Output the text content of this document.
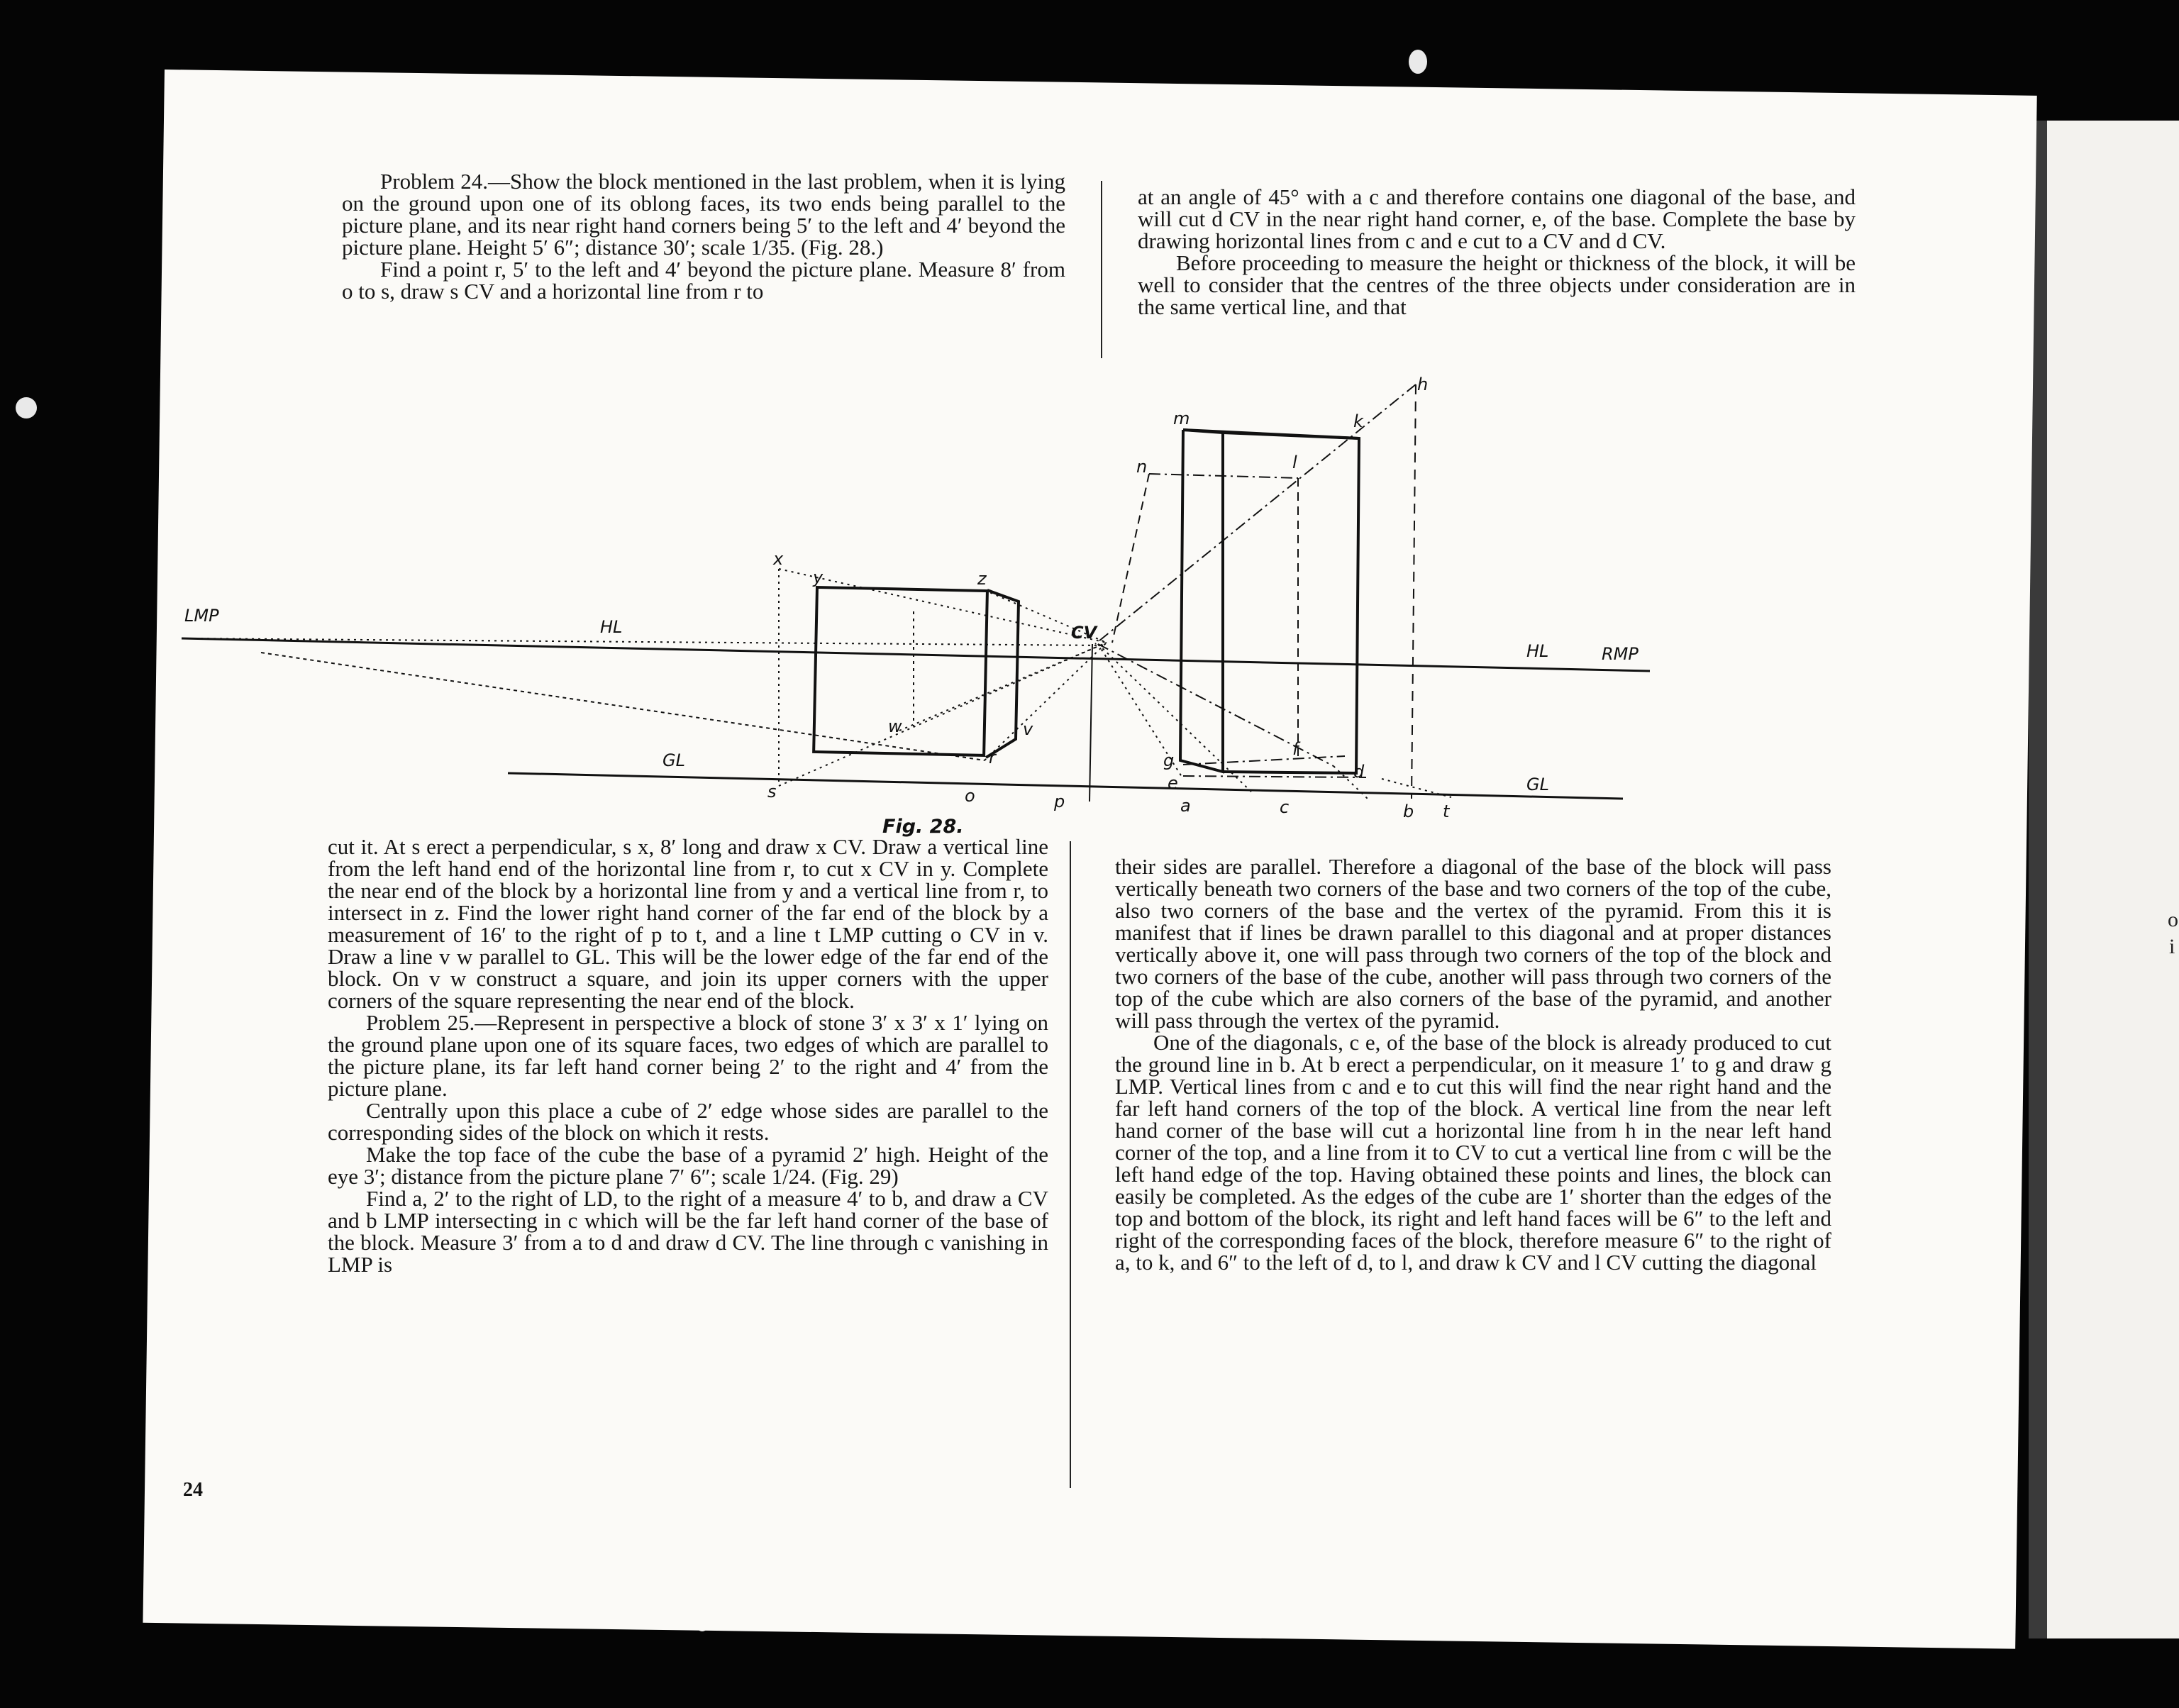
o
i

Problem 24.—Show the block mentioned in the last problem, when it is lying on the ground upon one of its oblong faces, its two ends being parallel to the picture plane, and its near right hand corners being 5′ to the left and 4′ beyond the picture plane. Height 5′ 6″; distance 30′; scale 1/35. (Fig. 28.)

Find a point r, 5′ to the left and 4′ beyond the picture plane. Measure 8′ from o to s, draw s CV and a horizontal line from r to

at an angle of 45° with a c and therefore contains one diagonal of the base, and will cut d CV in the near right hand corner, e, of the base. Complete the base by drawing horizontal lines from c and e cut to a CV and d CV.

Before proceeding to measure the height or thickness of the block, it will be well to consider that the centres of the three objects under consideration are in the same vertical line, and that

LMP
RMP
HL
HL
GL
GL
CV
x
y	z
w	v
r
s	o	p	a	c	b t
m	k
n	l
h
g
e
d
f
Fig. 28.

cut it. At s erect a perpendicular, s x, 8′ long and draw x CV. Draw a vertical line from the left hand end of the horizontal line from r, to cut x CV in y. Complete the near end of the block by a horizontal line from y and a vertical line from r, to intersect in z. Find the lower right hand corner of the far end of the block by a measurement of 16′ to the right of p to t, and a line t LMP cutting o CV in v. Draw a line v w parallel to GL. This will be the lower edge of the far end of the block. On v w construct a square, and join its upper corners with the upper corners of the square representing the near end of the block.

Problem 25.—Represent in perspective a block of stone 3′ x 3′ x 1′ lying on the ground plane upon one of its square faces, two edges of which are parallel to the picture plane, its far left hand corner being 2′ to the right and 4′ from the picture plane.

Centrally upon this place a cube of 2′ edge whose sides are parallel to the corresponding sides of the block on which it rests.

Make the top face of the cube the base of a pyramid 2′ high. Height of the eye 3′; distance from the picture plane 7′ 6″; scale 1/24. (Fig. 29)

Find a, 2′ to the right of LD, to the right of a measure 4′ to b, and draw a CV and b LMP intersecting in c which will be the far left hand corner of the base of the block. Measure 3′ from a to d and draw d CV. The line through c vanishing in LMP is

their sides are parallel. Therefore a diagonal of the base of the block will pass vertically beneath two corners of the base and two corners of the top of the cube, also two corners of the base and the vertex of the pyramid. From this it is manifest that if lines be drawn parallel to this diagonal and at proper distances vertically above it, one will pass through two corners of the top of the block and two corners of the base of the cube, another will pass through two corners of the top of the cube which are also corners of the base of the pyramid, and another will pass through the vertex of the pyramid.

One of the diagonals, c e, of the base of the block is already produced to cut the ground line in b. At b erect a perpendicular, on it measure 1′ to g and draw g LMP. Vertical lines from c and e to cut this will find the near right hand and the far left hand corners of the top of the block. A vertical line from the near left hand corner of the base will cut a horizontal line from h in the near left hand corner of the top, and a line from it to CV to cut a vertical line from c will be the left hand edge of the top. Having obtained these points and lines, the block can easily be completed. As the edges of the cube are 1′ shorter than the edges of the top and bottom of the block, its right and left hand faces will be 6″ to the left and right of the corresponding faces of the block, therefore measure 6″ to the right of a, to k, and 6″ to the left of d, to l, and draw k CV and l CV cutting the diagonal

24
